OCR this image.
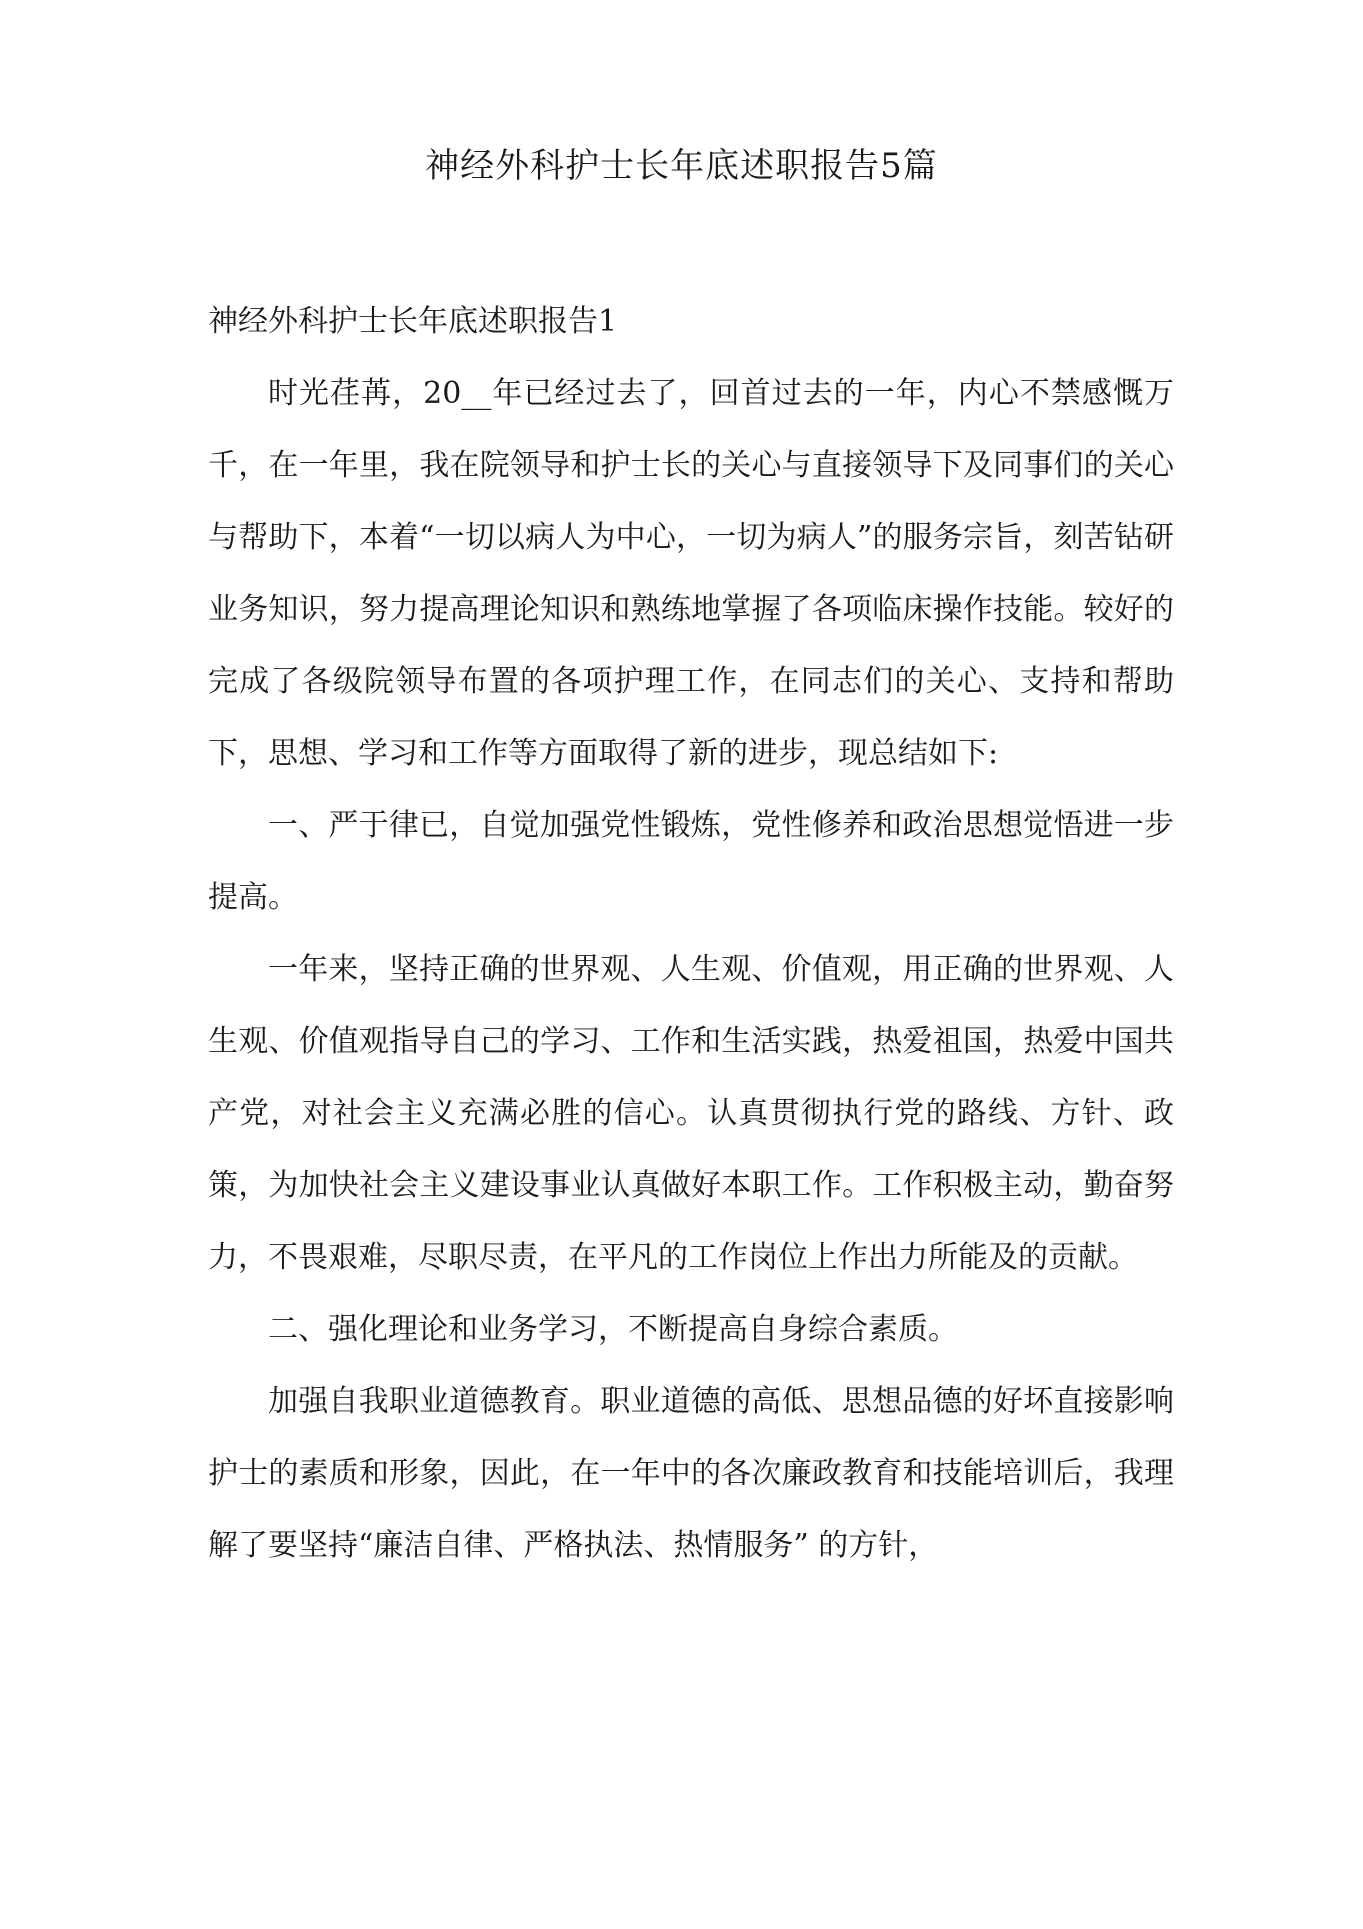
神经外科护士长年底述职报告5篇
神经外科护士长年底述职报告1

时光荏苒，20__年已经过去了，回首过去的一年，内心不禁感慨万千，在一年里，我在院领导和护士长的关心与直接领导下及同事们的关心与帮助下，本着“一切以病人为中心，一切为病人”的服务宗旨，刻苦钻研业务知识，努力提高理论知识和熟练地掌握了各项临床操作技能。较好的完成了各级院领导布置的各项护理工作，在同志们的关心、支持和帮助下，思想、学习和工作等方面取得了新的进步，现总结如下:

一、严于律已，自觉加强党性锻炼，党性修养和政治思想觉悟进一步提高。

一年来，坚持正确的世界观、人生观、价值观，用正确的世界观、人生观、价值观指导自己的学习、工作和生活实践，热爱祖国，热爱中国共产党，对社会主义充满必胜的信心。认真贯彻执行党的路线、方针、政策，为加快社会主义建设事业认真做好本职工作。工作积极主动，勤奋努力，不畏艰难，尽职尽责，在平凡的工作岗位上作出力所能及的贡献。

二、强化理论和业务学习，不断提高自身综合素质。

加强自我职业道德教育。职业道德的高低、思想品德的好坏直接影响护士的素质和形象，因此，在一年中的各次廉政教育和技能培训后，我理解了要坚持“廉洁自律、严格执法、热情服务” 的方针，
